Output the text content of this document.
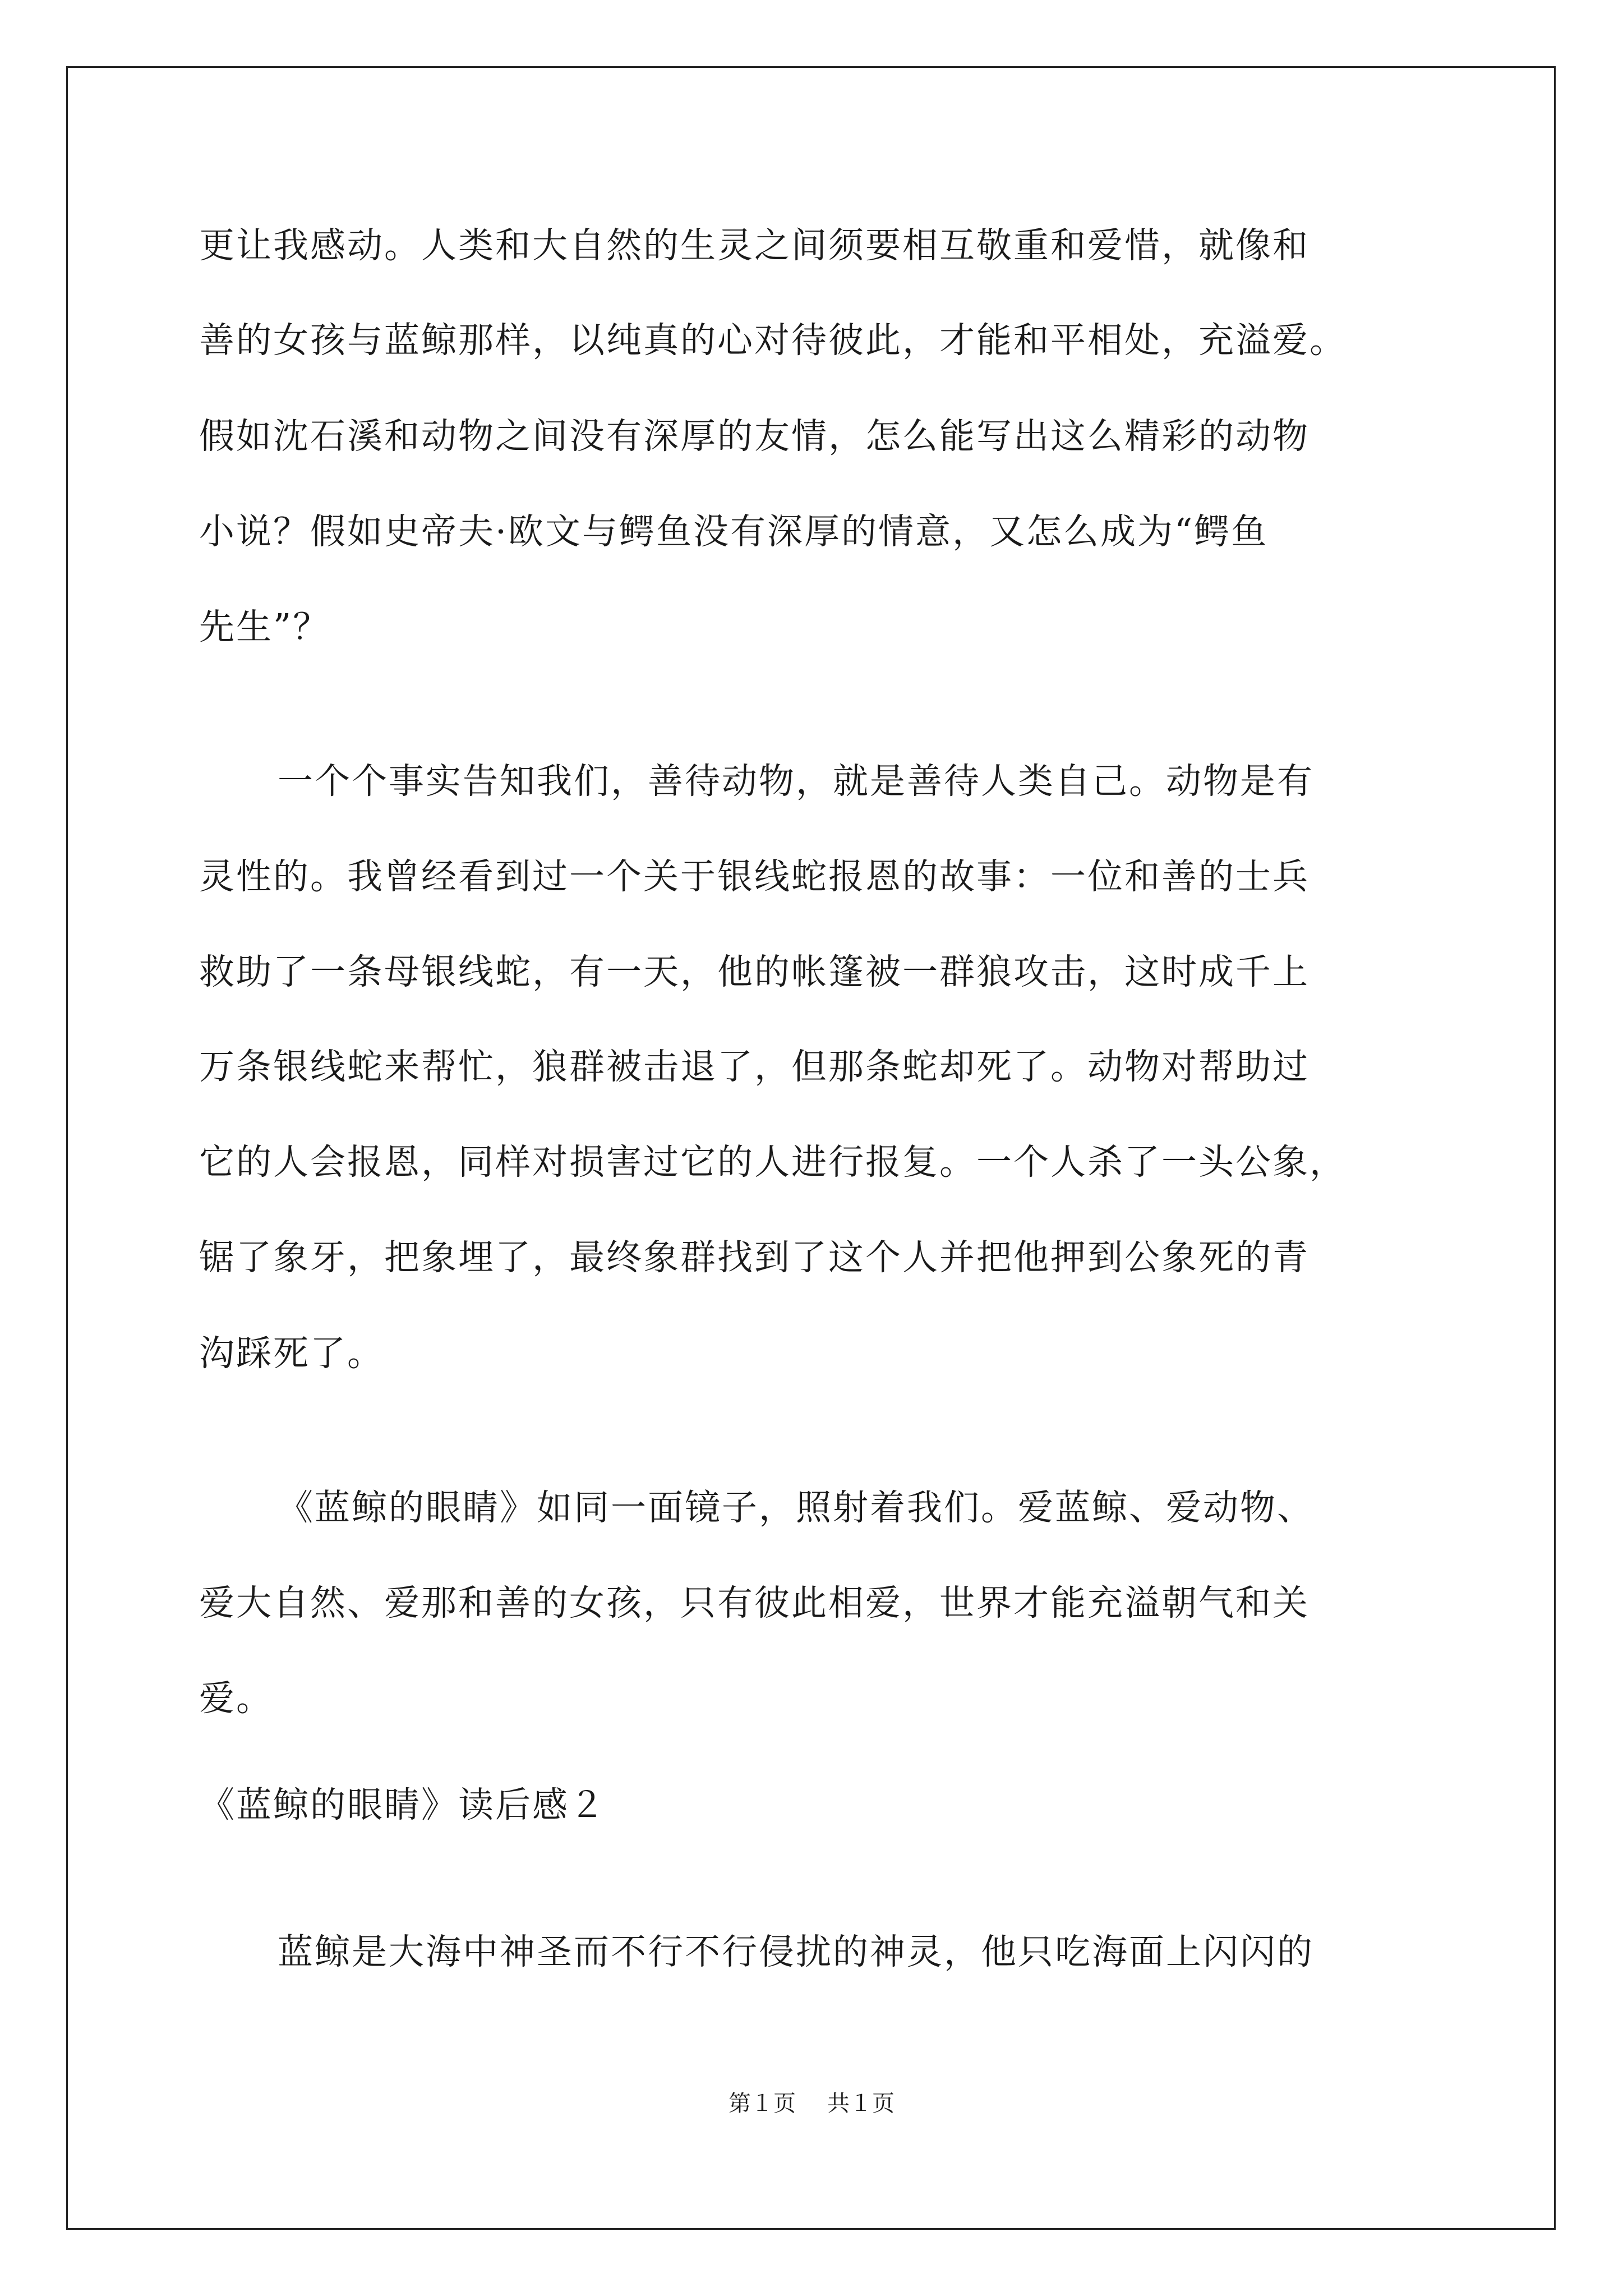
更让我感动。人类和大自然的生灵之间须要相互敬重和爱惜，就像和
善的女孩与蓝鲸那样，以纯真的心对待彼此，才能和平相处，充溢爱。
假如沈石溪和动物之间没有深厚的友情，怎么能写出这么精彩的动物
小说？假如史帝夫·欧文与鳄鱼没有深厚的情意，又怎么成为“鳄鱼
先生”？
一个个事实告知我们，善待动物，就是善待人类自己。动物是有
灵性的。我曾经看到过一个关于银线蛇报恩的故事：一位和善的士兵
救助了一条母银线蛇，有一天，他的帐篷被一群狼攻击，这时成千上
万条银线蛇来帮忙，狼群被击退了，但那条蛇却死了。动物对帮助过
它的人会报恩，同样对损害过它的人进行报复。一个人杀了一头公象，
锯了象牙，把象埋了，最终象群找到了这个人并把他押到公象死的青
沟踩死了。
《蓝鲸的眼睛》如同一面镜子，照射着我们。爱蓝鲸、爱动物、
爱大自然、爱那和善的女孩，只有彼此相爱，世界才能充溢朝气和关
爱。
《蓝鲸的眼睛》读后感２
蓝鲸是大海中神圣而不行不行侵扰的神灵，他只吃海面上闪闪的
第１页 共１页
